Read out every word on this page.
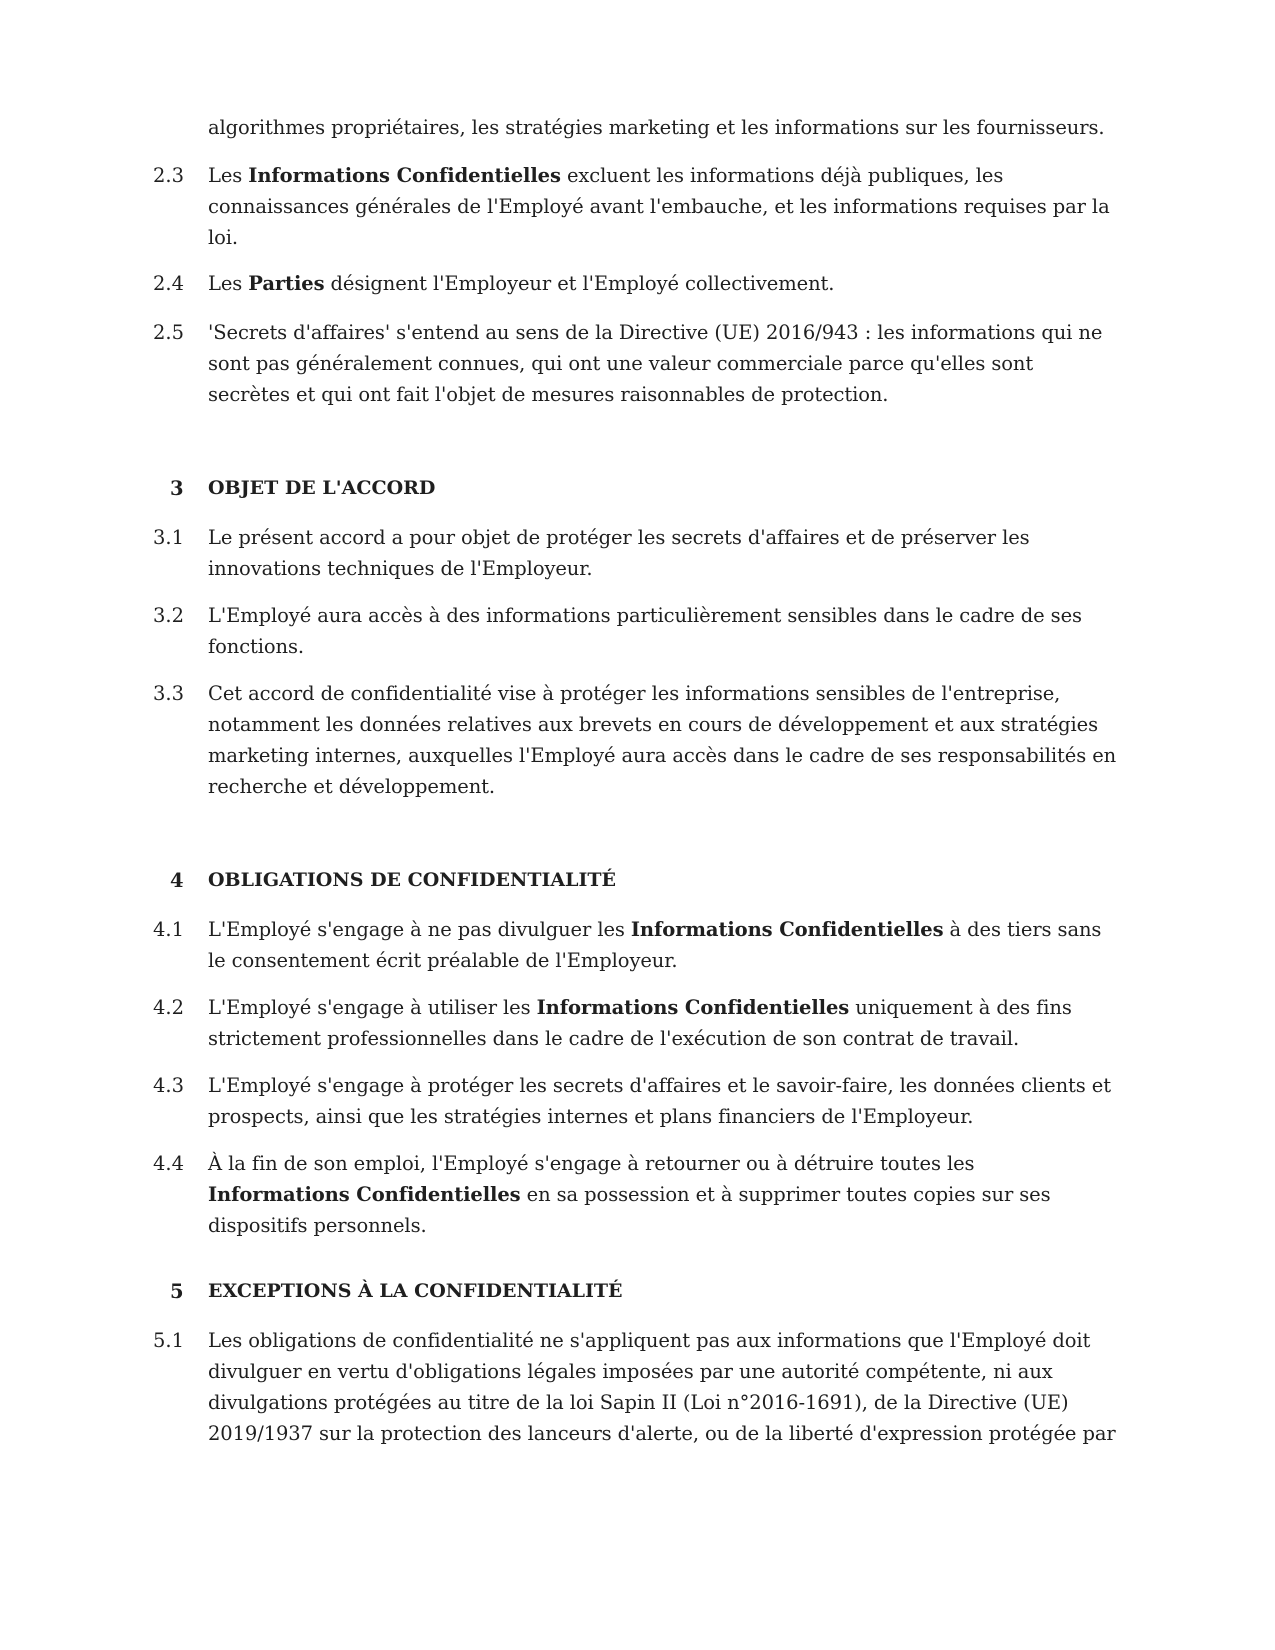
algorithmes propriétaires, les stratégies marketing et les informations sur les fournisseurs.
2.3	Les Informations Confidentielles excluent les informations déjà publiques, les connaissances générales de l'Employé avant l'embauche, et les informations requises par la loi.
2.4	Les Parties désignent l'Employeur et l'Employé collectivement.
2.5	'Secrets d'affaires' s'entend au sens de la Directive (UE) 2016/943 : les informations qui ne sont pas généralement connues, qui ont une valeur commerciale parce qu'elles sont secrètes et qui ont fait l'objet de mesures raisonnables de protection.
3	OBJET DE L'ACCORD
3.1	Le présent accord a pour objet de protéger les secrets d'affaires et de préserver les innovations techniques de l'Employeur.
3.2	L'Employé aura accès à des informations particulièrement sensibles dans le cadre de ses fonctions.
3.3	Cet accord de confidentialité vise à protéger les informations sensibles de l'entreprise, notamment les données relatives aux brevets en cours de développement et aux stratégies marketing internes, auxquelles l'Employé aura accès dans le cadre de ses responsabilités en recherche et développement.
4	OBLIGATIONS DE CONFIDENTIALITÉ
4.1	L'Employé s'engage à ne pas divulguer les Informations Confidentielles à des tiers sans le consentement écrit préalable de l'Employeur.
4.2	L'Employé s'engage à utiliser les Informations Confidentielles uniquement à des fins strictement professionnelles dans le cadre de l'exécution de son contrat de travail.
4.3	L'Employé s'engage à protéger les secrets d'affaires et le savoir-faire, les données clients et prospects, ainsi que les stratégies internes et plans financiers de l'Employeur.
4.4	À la fin de son emploi, l'Employé s'engage à retourner ou à détruire toutes les Informations Confidentielles en sa possession et à supprimer toutes copies sur ses dispositifs personnels.
5	EXCEPTIONS À LA CONFIDENTIALITÉ
5.1	Les obligations de confidentialité ne s'appliquent pas aux informations que l'Employé doit divulguer en vertu d'obligations légales imposées par une autorité compétente, ni aux divulgations protégées au titre de la loi Sapin II (Loi n°2016-1691), de la Directive (UE) 2019/1937 sur la protection des lanceurs d'alerte, ou de la liberté d'expression protégée par
